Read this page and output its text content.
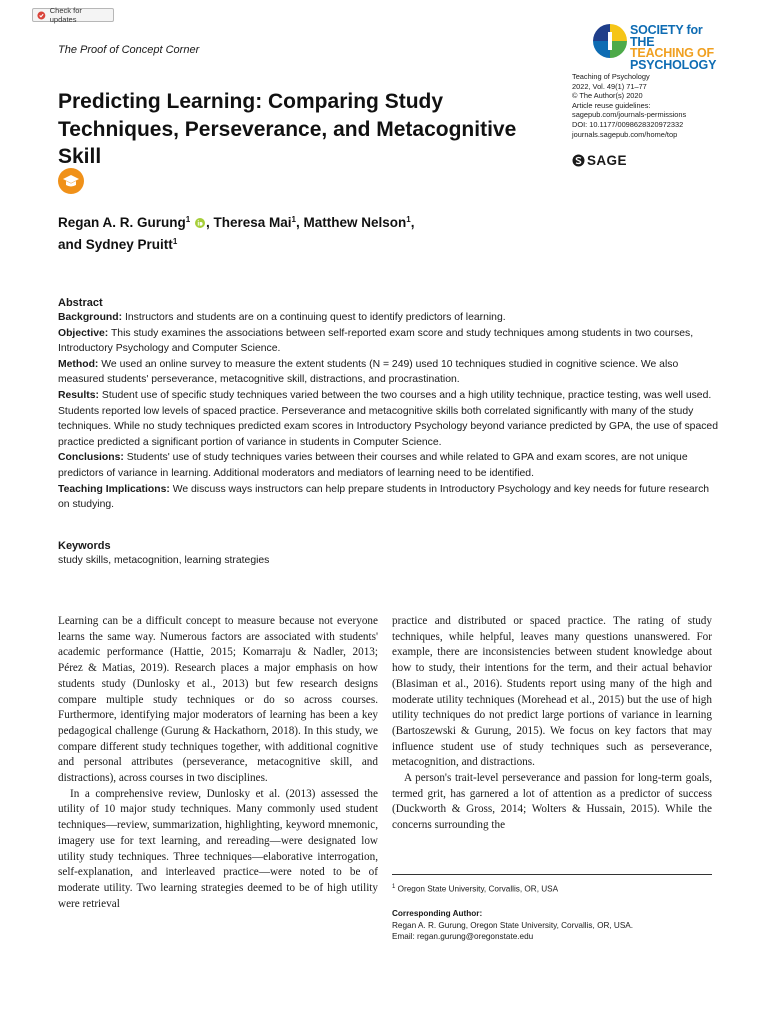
Check for updates
The Proof of Concept Corner
SOCIETY for THE
TEACHING OF
PSYCHOLOGY
Predicting Learning: Comparing Study Techniques, Perseverance, and Metacognitive Skill
Teaching of Psychology
2022, Vol. 49(1) 71–77
© The Author(s) 2020
Article reuse guidelines:
sagepub.com/journals-permissions
DOI: 10.1177/0098628320972332
journals.sagepub.com/home/top
SAGE
Regan A. R. Gurung$^1$ , Theresa Mai$^1$, Matthew Nelson$^1$,
and Sydney Pruitt$^1$
Abstract

Background: Instructors and students are on a continuing quest to identify predictors of learning.

Objective: This study examines the associations between self-reported exam score and study techniques among students in two courses, Introductory Psychology and Computer Science.

Method: We used an online survey to measure the extent students (N = 249) used 10 techniques studied in cognitive science. We also measured students' perseverance, metacognitive skill, distractions, and procrastination.

Results: Student use of specific study techniques varied between the two courses and a high utility technique, practice testing, was well used. Students reported low levels of spaced practice. Perseverance and metacognitive skills both correlated significantly with many of the study techniques. While no study techniques predicted exam scores in Introductory Psychology beyond variance predicted by GPA, the use of spaced practice predicted a significant portion of variance in students in Computer Science.

Conclusions: Students' use of study techniques varies between their courses and while related to GPA and exam scores, are not unique predictors of variance in learning. Additional moderators and mediators of learning need to be identified.

Teaching Implications: We discuss ways instructors can help prepare students in Introductory Psychology and key needs for future research on studying.

Keywords
study skills, metacognition, learning strategies

Learning can be a difficult concept to measure because not everyone learns the same way. Numerous factors are associated with students' academic performance (Hattie, 2015; Komarraju & Nadler, 2013; Pérez & Matias, 2019). Research places a major emphasis on how students study (Dunlosky et al., 2013) but few research designs compare multiple study techniques or do so across courses. Furthermore, identifying major moderators of learning has been a key pedagogical challenge (Gurung & Hackathorn, 2018). In this study, we compare different study techniques together, with additional cognitive and personal attributes (perseverance, metacognitive skill, and distractions), across courses in two disciplines.

In a comprehensive review, Dunlosky et al. (2013) assessed the utility of 10 major study techniques. Many commonly used student techniques—review, summarization, highlighting, keyword mnemonic, imagery use for text learning, and rereading—were designated low utility study techniques. Three techniques—elaborative interrogation, self-explanation, and interleaved practice—were noted to be of moderate utility. Two learning strategies deemed to be of high utility were retrieval

practice and distributed or spaced practice. The rating of study techniques, while helpful, leaves many questions unanswered. For example, there are inconsistencies between student knowledge about how to study, their intentions for the term, and their actual behavior (Blasiman et al., 2016). Students report using many of the high and moderate utility techniques (Morehead et al., 2015) but the use of high utility techniques do not predict large portions of variance in learning (Bartoszewski & Gurung, 2015). We focus on key factors that may influence student use of study techniques such as perseverance, metacognition, and distractions.

A person's trait-level perseverance and passion for long-term goals, termed grit, has garnered a lot of attention as a predictor of success (Duckworth & Gross, 2014; Wolters & Hussain, 2015). While the concerns surrounding the

$^1$ Oregon State University, Corvallis, OR, USA
Corresponding Author:
Regan A. R. Gurung, Oregon State University, Corvallis, OR, USA.
Email: regan.gurung@oregonstate.edu
